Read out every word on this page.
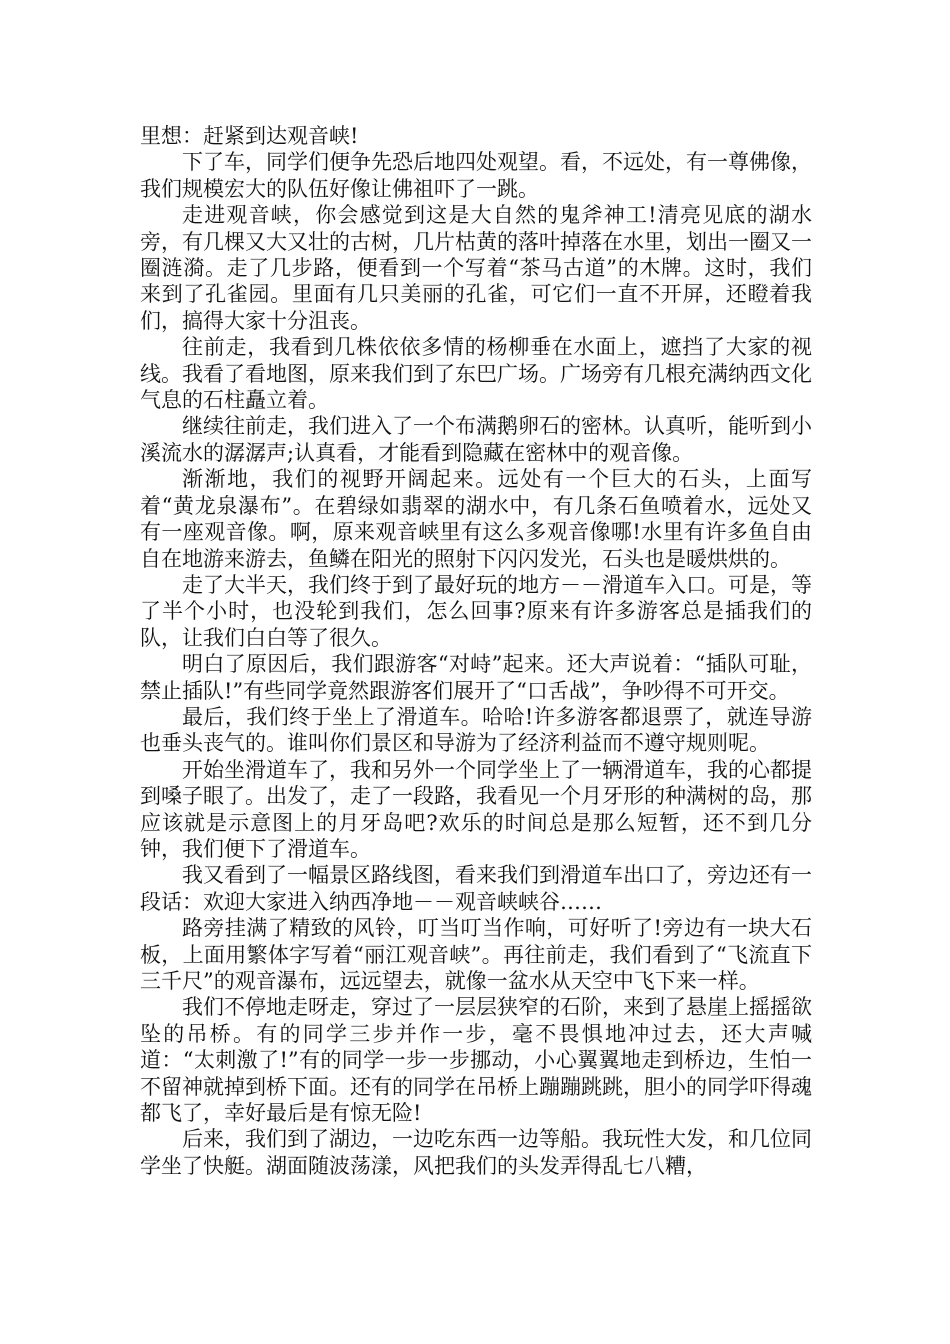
里想：赶紧到达观音峡!

下了车，同学们便争先恐后地四处观望。看，不远处，有一尊佛像，我们规模宏大的队伍好像让佛祖吓了一跳。

走进观音峡，你会感觉到这是大自然的鬼斧神工!清亮见底的湖水旁，有几棵又大又壮的古树，几片枯黄的落叶掉落在水里，划出一圈又一圈涟漪。走了几步路，便看到一个写着“茶马古道”的木牌。这时，我们来到了孔雀园。里面有几只美丽的孔雀，可它们一直不开屏，还瞪着我们，搞得大家十分沮丧。

往前走，我看到几株依依多情的杨柳垂在水面上，遮挡了大家的视线。我看了看地图，原来我们到了东巴广场。广场旁有几根充满纳西文化气息的石柱矗立着。

继续往前走，我们进入了一个布满鹅卵石的密林。认真听，能听到小溪流水的潺潺声;认真看，才能看到隐藏在密林中的观音像。

渐渐地，我们的视野开阔起来。远处有一个巨大的石头，上面写着“黄龙泉瀑布”。在碧绿如翡翠的湖水中，有几条石鱼喷着水，远处又有一座观音像。啊，原来观音峡里有这么多观音像哪!水里有许多鱼自由自在地游来游去，鱼鳞在阳光的照射下闪闪发光，石头也是暖烘烘的。

走了大半天，我们终于到了最好玩的地方－－滑道车入口。可是，等了半个小时，也没轮到我们，怎么回事?原来有许多游客总是插我们的队，让我们白白等了很久。

明白了原因后，我们跟游客“对峙”起来。还大声说着：“插队可耻，禁止插队!”有些同学竟然跟游客们展开了“口舌战”，争吵得不可开交。

最后，我们终于坐上了滑道车。哈哈!许多游客都退票了，就连导游也垂头丧气的。谁叫你们景区和导游为了经济利益而不遵守规则呢。

开始坐滑道车了，我和另外一个同学坐上了一辆滑道车，我的心都提到嗓子眼了。出发了，走了一段路，我看见一个月牙形的种满树的岛，那应该就是示意图上的月牙岛吧?欢乐的时间总是那么短暂，还不到几分钟，我们便下了滑道车。

我又看到了一幅景区路线图，看来我们到滑道车出口了，旁边还有一段话：欢迎大家进入纳西净地－－观音峡峡谷……

路旁挂满了精致的风铃，叮当叮当作响，可好听了!旁边有一块大石板，上面用繁体字写着“丽江观音峡”。再往前走，我们看到了“飞流直下三千尺”的观音瀑布，远远望去，就像一盆水从天空中飞下来一样。

我们不停地走呀走，穿过了一层层狭窄的石阶，来到了悬崖上摇摇欲坠的吊桥。有的同学三步并作一步，毫不畏惧地冲过去，还大声喊道：“太刺激了!”有的同学一步一步挪动，小心翼翼地走到桥边，生怕一不留神就掉到桥下面。还有的同学在吊桥上蹦蹦跳跳，胆小的同学吓得魂都飞了，幸好最后是有惊无险!

后来，我们到了湖边，一边吃东西一边等船。我玩性大发，和几位同学坐了快艇。湖面随波荡漾，风把我们的头发弄得乱七八糟，
